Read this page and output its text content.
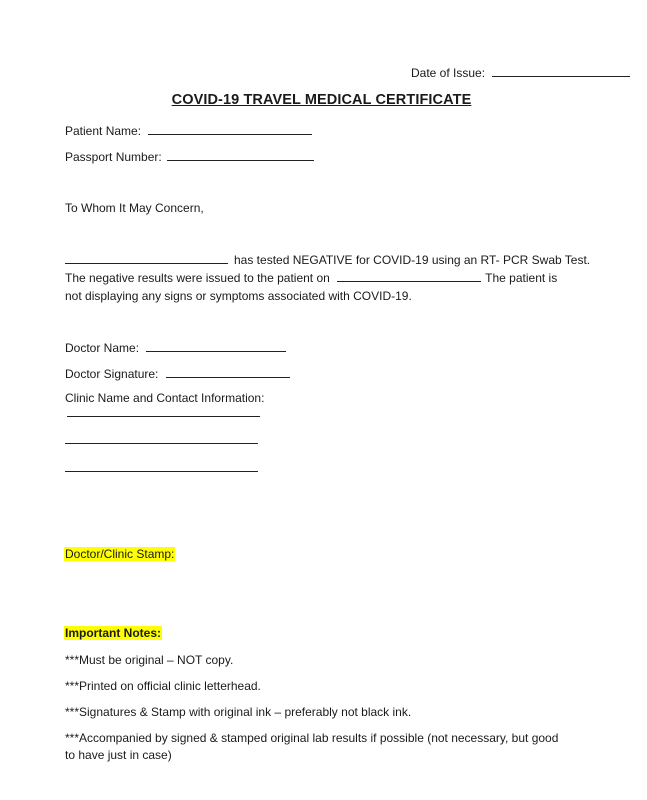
Date of Issue:
COVID-19 TRAVEL MEDICAL CERTIFICATE
Patient Name:
Passport Number:
To Whom It May Concern,
has tested NEGATIVE for COVID-19 using an RT- PCR Swab Test.
The negative results were issued to the patient on	The patient is
not displaying any signs or symptoms associated with COVID-19.
Doctor Name:
Doctor Signature:
Clinic Name and Contact Information:
Doctor/Clinic Stamp:
Important Notes:
***Must be original – NOT copy.
***Printed on official clinic letterhead.
***Signatures & Stamp with original ink – preferably not black ink.
***Accompanied by signed & stamped original lab results if possible (not necessary, but good
to have just in case)
